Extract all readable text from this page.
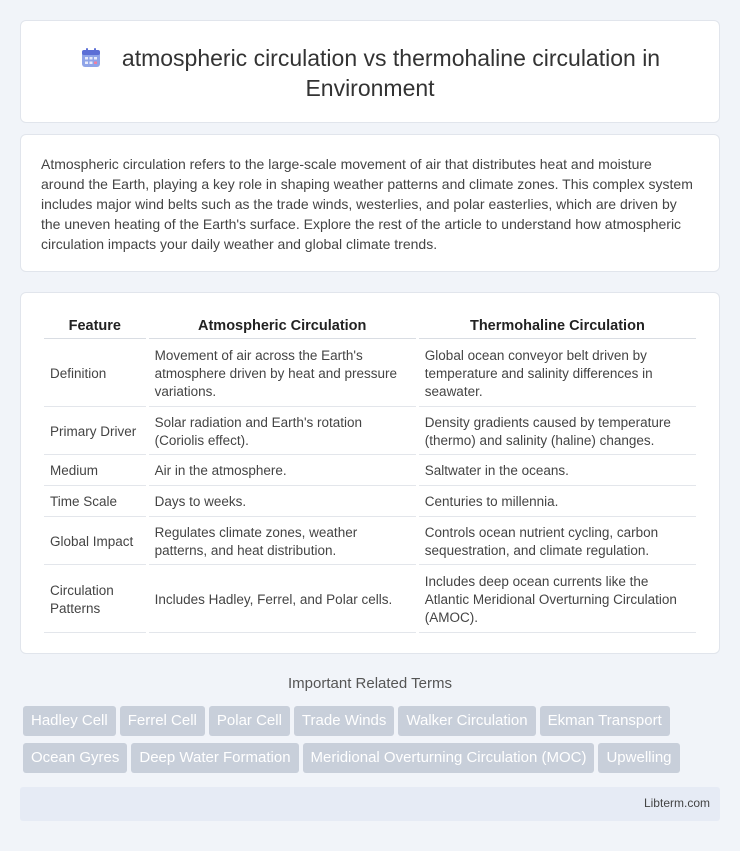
atmospheric circulation vs thermohaline circulation in Environment

Atmospheric circulation refers to the large-scale movement of air that distributes heat and moisture around the Earth, playing a key role in shaping weather patterns and climate zones. This complex system includes major wind belts such as the trade winds, westerlies, and polar easterlies, which are driven by the uneven heating of the Earth's surface. Explore the rest of the article to understand how atmospheric circulation impacts your daily weather and global climate trends.

Feature	Atmospheric Circulation	Thermohaline Circulation
Definition	Movement of air across the Earth's atmosphere driven by heat and pressure variations.	Global ocean conveyor belt driven by temperature and salinity differences in seawater.
Primary Driver	Solar radiation and Earth's rotation (Coriolis effect).	Density gradients caused by temperature (thermo) and salinity (haline) changes.
Medium	Air in the atmosphere.	Saltwater in the oceans.
Time Scale	Days to weeks.	Centuries to millennia.
Global Impact	Regulates climate zones, weather patterns, and heat distribution.	Controls ocean nutrient cycling, carbon sequestration, and climate regulation.
Circulation Patterns	Includes Hadley, Ferrel, and Polar cells.	Includes deep ocean currents like the Atlantic Meridional Overturning Circulation (AMOC).
Important Related Terms
Hadley Cell Ferrel Cell Polar Cell Trade Winds Walker Circulation Ekman Transport
Ocean Gyres Deep Water Formation Meridional Overturning Circulation (MOC) Upwelling
Libterm.com
